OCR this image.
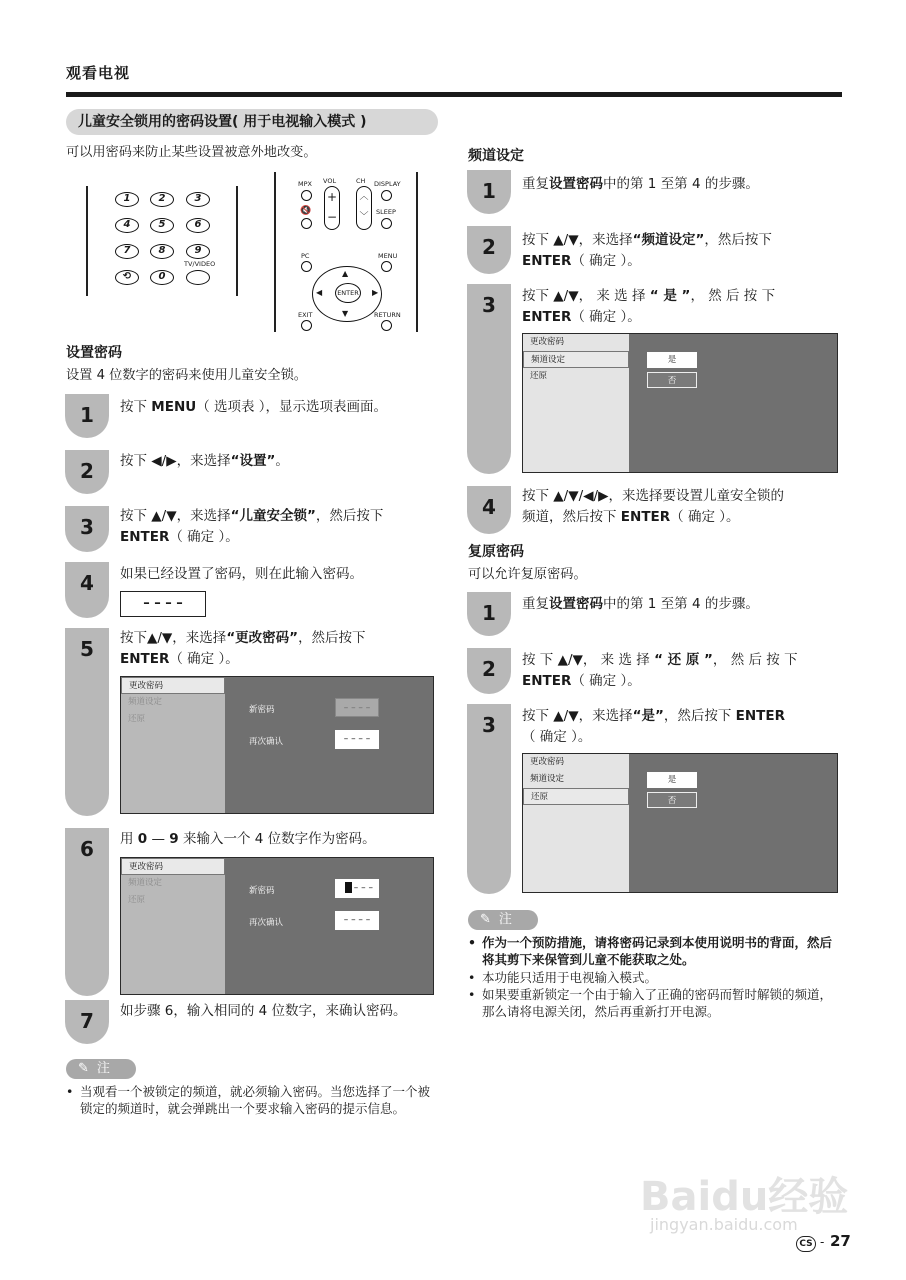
观看电视
儿童安全锁用的密码设置( 用于电视输入模式 )
可以用密码来防止某些设置被意外地改变。
1	2	3
4	5	6
7	8	9
⟲	0
TV/VIDEO
MPX VOL	CH DISPLAY
+
−
︿
﹀
🔇	SLEEP
PC	MENU
ENTER
▲
▼
◀	▶
EXIT	RETURN
设置密码
设置 4 位数字的密码来使用儿童安全锁。
1	按下 MENU（ 选项表 ），显示选项表画面。
2	按下 ◀/▶，来选择“设置”。
3	按下 ▲/▼，来选择“儿童安全锁”，然后按下
ENTER（ 确定 ）。
4	如果已经设置了密码，则在此输入密码。
– – – –
5	按下▲/▼，来选择“更改密码”，然后按下
ENTER（ 确定 ）。
更改密码
频道设定
还原
新密码	– – – –
再次确认	– – – –
6	用 0 — 9 来输入一个 4 位数字作为密码。
更改密码
频道设定
还原
新密码	– – –
再次确认	– – – –
7	如步骤 6，输入相同的 4 位数字，来确认密码。
✎ 注
• 当观看一个被锁定的频道，就必须输入密码。当您选择了一个被锁定的频道时，就会弹跳出一个要求输入密码的提示信息。
频道设定
1	重复设置密码中的第 1 至第 4 的步骤。
2	按下 ▲/▼，来选择“频道设定”，然后按下
ENTER（ 确定 ）。
3	按下 ▲/▼， 来 选 择 “ 是 ”， 然 后 按 下
ENTER（ 确定 ）。
更改密码
频道设定
还原
是
否
4	按下 ▲/▼/◀/▶，来选择要设置儿童安全锁的
频道，然后按下 ENTER（ 确定 ）。
复原密码
可以允许复原密码。
1	重复设置密码中的第 1 至第 4 的步骤。
2	按 下 ▲/▼， 来 选 择 “ 还 原 ”， 然 后 按 下
ENTER（ 确定 ）。
3	按下 ▲/▼，来选择“是”，然后按下 ENTER
（ 确定 ）。
更改密码
频道设定
还原
是
否
✎ 注
• 作为一个预防措施，请将密码记录到本使用说明书的背面，然后将其剪下来保管到儿童不能获取之处。
• 本功能只适用于电视输入模式。
• 如果要重新锁定一个由于输入了正确的密码而暂时解锁的频道，那么请将电源关闭，然后再重新打开电源。
Baidu经验
jingyan.baidu.com
CS - 27
